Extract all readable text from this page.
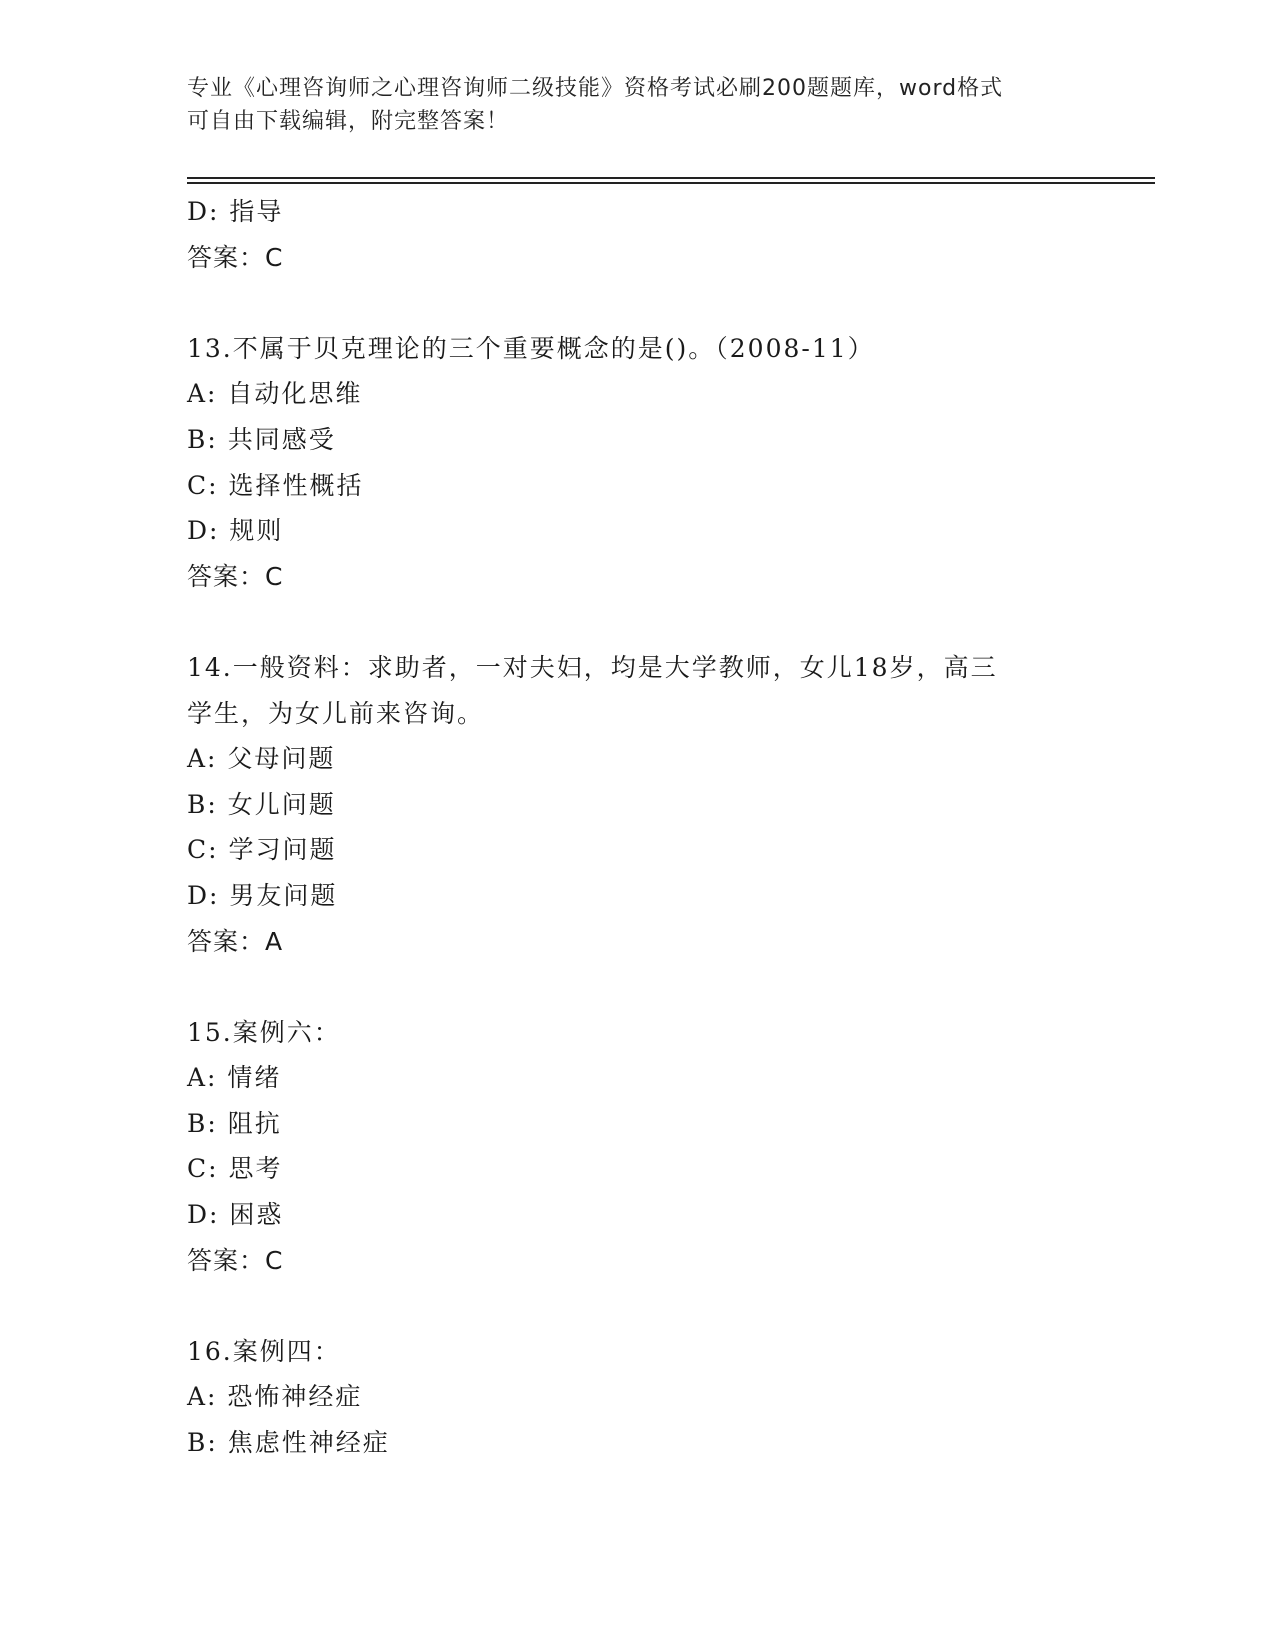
专业《心理咨询师之心理咨询师二级技能》资格考试必刷200题题库，word格式
可自由下载编辑，附完整答案！
D: 指导
答案：C
13.不属于贝克理论的三个重要概念的是()。（2008-11）
A: 自动化思维
B: 共同感受
C: 选择性概括
D: 规则
答案：C
14.一般资料：求助者，一对夫妇，均是大学教师，女儿18岁，高三
学生，为女儿前来咨询。
A: 父母问题
B: 女儿问题
C: 学习问题
D: 男友问题
答案：A
15.案例六：
A: 情绪
B: 阻抗
C: 思考
D: 困惑
答案：C
16.案例四：
A: 恐怖神经症
B: 焦虑性神经症
